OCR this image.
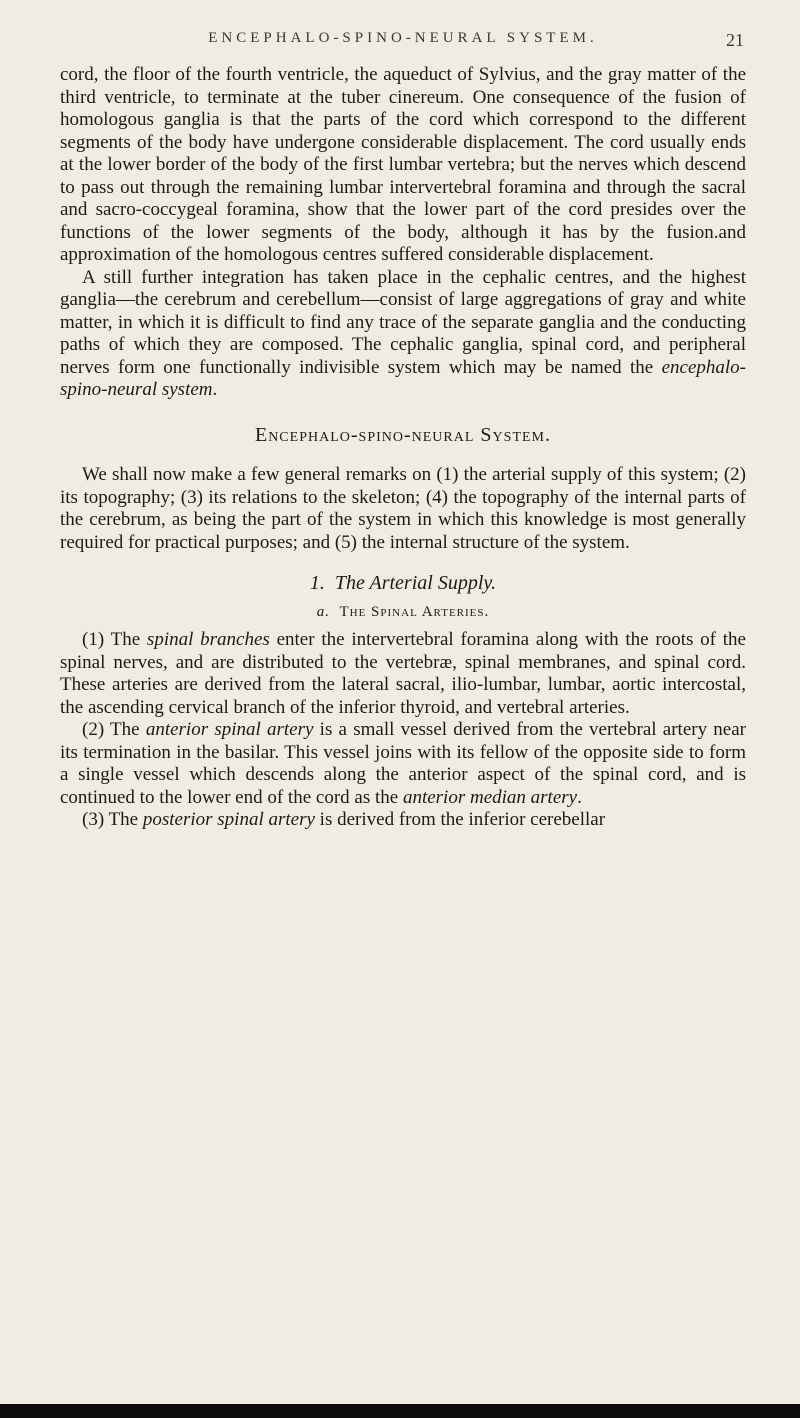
ENCEPHALO-SPINO-NEURAL SYSTEM.	21

cord, the floor of the fourth ventricle, the aqueduct of Sylvius, and the gray matter of the third ventricle, to terminate at the tuber cinereum. One consequence of the fusion of homologous ganglia is that the parts of the cord which correspond to the different segments of the body have undergone considerable displacement. The cord usually ends at the lower border of the body of the first lumbar vertebra; but the nerves which descend to pass out through the remaining lumbar intervertebral foramina and through the sacral and sacro-coccygeal foramina, show that the lower part of the cord presides over the functions of the lower segments of the body, although it has by the fusion.and approximation of the homologous centres suffered considerable displacement.

A still further integration has taken place in the cephalic centres, and the highest ganglia—the cerebrum and cerebellum—consist of large aggregations of gray and white matter, in which it is difficult to find any trace of the separate ganglia and the conducting paths of which they are composed. The cephalic ganglia, spinal cord, and peripheral nerves form one functionally indivisible system which may be named the encephalo-spino-neural system.

Encephalo-spino-neural System.

We shall now make a few general remarks on (1) the arterial supply of this system; (2) its topography; (3) its relations to the skeleton; (4) the topography of the internal parts of the cerebrum, as being the part of the system in which this knowledge is most generally required for practical purposes; and (5) the internal structure of the system.

1. The Arterial Supply.

a. The Spinal Arteries.

(1) The spinal branches enter the intervertebral foramina along with the roots of the spinal nerves, and are distributed to the vertebræ, spinal membranes, and spinal cord. These arteries are derived from the lateral sacral, ilio-lumbar, lumbar, aortic intercostal, the ascending cervical branch of the inferior thyroid, and vertebral arteries.

(2) The anterior spinal artery is a small vessel derived from the vertebral artery near its termination in the basilar. This vessel joins with its fellow of the opposite side to form a single vessel which descends along the anterior aspect of the spinal cord, and is continued to the lower end of the cord as the anterior median artery.

(3) The posterior spinal artery is derived from the inferior cerebellar
